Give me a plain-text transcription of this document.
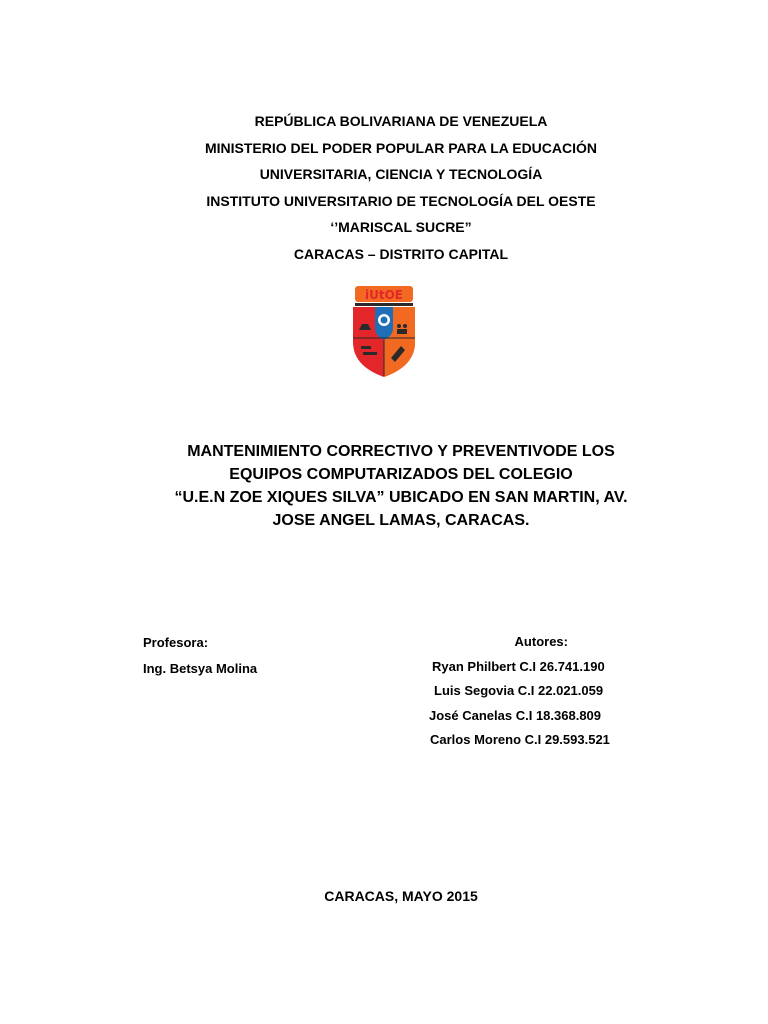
REPÚBLICA BOLIVARIANA DE VENEZUELA
MINISTERIO DEL PODER POPULAR PARA LA EDUCACIÓN
UNIVERSITARIA, CIENCIA Y TECNOLOGÍA
INSTITUTO UNIVERSITARIO DE TECNOLOGÍA DEL OESTE
‘’MARISCAL SUCRE”
CARACAS – DISTRITO CAPITAL
iUtOE
MANTENIMIENTO CORRECTIVO Y PREVENTIVODE LOS
EQUIPOS COMPUTARIZADOS DEL COLEGIO
“U.E.N ZOE XIQUES SILVA” UBICADO EN SAN MARTIN, AV.
JOSE ANGEL LAMAS, CARACAS.
Profesora:
Ing. Betsya Molina
Autores:
Ryan Philbert C.I 26.741.190
Luis Segovia C.I 22.021.059
José Canelas C.I 18.368.809
Carlos Moreno C.I 29.593.521
CARACAS, MAYO 2015
